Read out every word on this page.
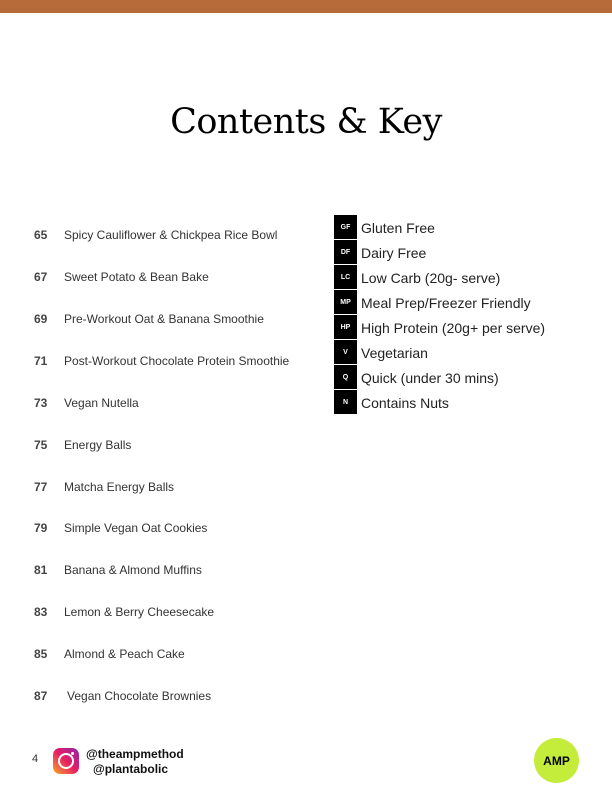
Contents & Key
65 Spicy Cauliflower & Chickpea Rice Bowl
67 Sweet Potato & Bean Bake
69 Pre-Workout Oat & Banana Smoothie
71 Post-Workout Chocolate Protein Smoothie
73 Vegan Nutella
75 Energy Balls
77 Matcha Energy Balls
79 Simple Vegan Oat Cookies
81 Banana & Almond Muffins
83 Lemon & Berry Cheesecake
85 Almond & Peach Cake
87 Vegan Chocolate Brownies
GF Gluten Free
DF Dairy Free
LC Low Carb (20g- serve)
MP Meal Prep/Freezer Friendly
HP High Protein (20g+ per serve)
V Vegetarian
Q Quick (under 30 mins)
N Contains Nuts
4	@theampmethod
@plantabolic
AMP
